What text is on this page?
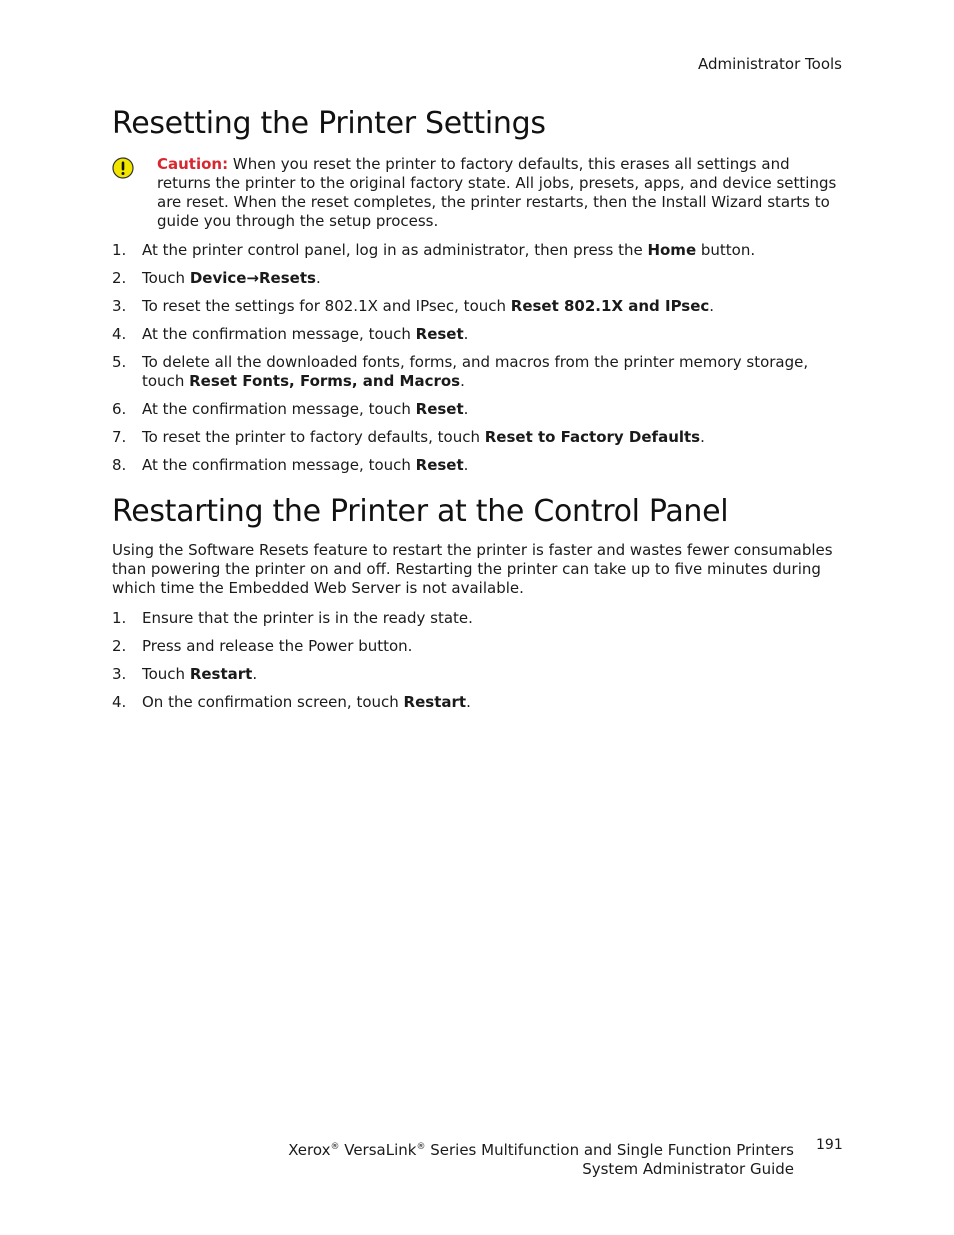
Administrator Tools
Resetting the Printer Settings
Caution: When you reset the printer to factory defaults, this erases all settings and returns the printer to the original factory state. All jobs, presets, apps, and device settings are reset. When the reset completes, the printer restarts, then the Install Wizard starts to guide you through the setup process.
1. At the printer control panel, log in as administrator, then press the Home button.
2. Touch Device→Resets.
3. To reset the settings for 802.1X and IPsec, touch Reset 802.1X and IPsec.
4. At the confirmation message, touch Reset.
5. To delete all the downloaded fonts, forms, and macros from the printer memory storage, touch Reset Fonts, Forms, and Macros.
6. At the confirmation message, touch Reset.
7. To reset the printer to factory defaults, touch Reset to Factory Defaults.
8. At the confirmation message, touch Reset.
Restarting the Printer at the Control Panel

Using the Software Resets feature to restart the printer is faster and wastes fewer consumables than powering the printer on and off. Restarting the printer can take up to five minutes during which time the Embedded Web Server is not available.

1. Ensure that the printer is in the ready state.
2. Press and release the Power button.
3. Touch Restart.
4. On the confirmation screen, touch Restart.
Xerox® VersaLink® Series Multifunction and Single Function Printers
System Administrator Guide
191
